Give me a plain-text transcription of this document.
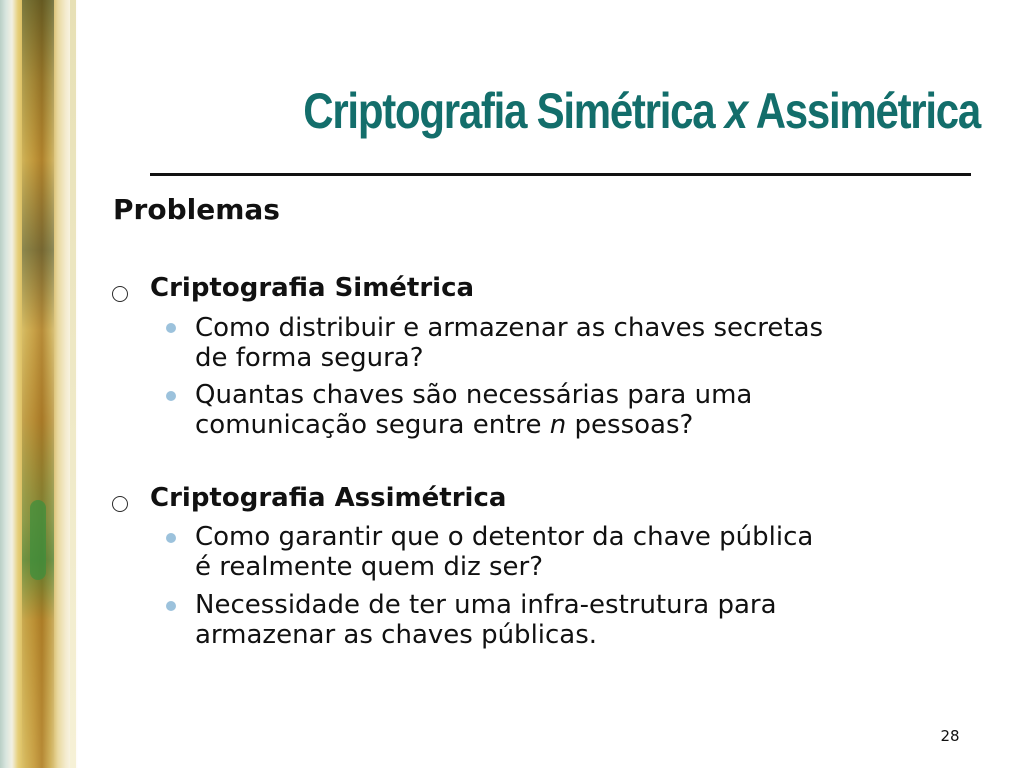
Criptografia Simétrica x Assimétrica
Problemas
Criptografia Simétrica
Como distribuir e armazenar as chaves secretas
de forma segura?
Quantas chaves são necessárias para uma
comunicação segura entre n pessoas?
Criptografia Assimétrica
Como garantir que o detentor da chave pública
é realmente quem diz ser?
Necessidade de ter uma infra-estrutura para
armazenar as chaves públicas.
28
